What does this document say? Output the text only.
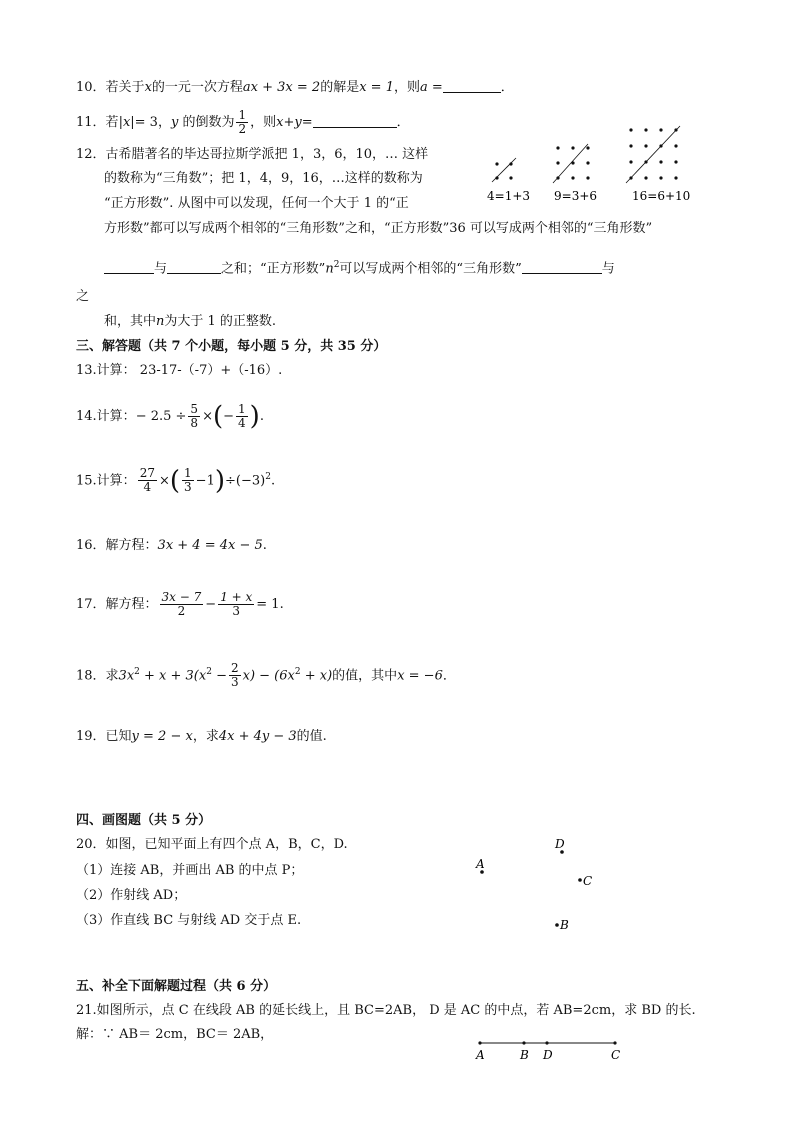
10．若关于x的一元一次方程ax + 3x = 2的解是x = 1，则a =	．
11．若|x|= 3，y 的倒数为 $\frac{1}{2}$ ，则x+y=	．
12．古希腊著名的毕达哥拉斯学派把 1，3，6，10，… 这样
的数称为“三角数”；把 1，4，9，16，…这样的数称为
“正方形数”. 从图中可以发现，任何一个大于 1 的“正
方形数”都可以写成两个相邻的“三角形数”之和，“正方形数”36 可以写成两个相邻的“三角形数”
与	之和；“正方形数$”n^2$可以写成两个相邻的“三角形数”	与
之
和，其中n为大于 1 的正整数.
4=1+3 9=3+6	16=6+10
三、解答题（共 7 个小题，每小题 5 分，共 35 分）
13.计算： 23-17-（-7）+（-16）.
14.计算：− $2.5 \div \frac{5}{8}$ ×(− $\frac{1}{4}$ ).
15.计算： $\frac{27}{4}$ ×( $\frac{1}{3} -1)\div(-3)^2$.
16．解方程：3x + 4 = 4x − 5.
17．解方程： $\frac{3x - 7}{2} - \frac{1 + x}{3} = 1$.
18．求$3x^2 + x + 3(x^2 - \frac{2}{3} x) - (6x^2 + x)$的值，其中x = −6．
19．已知y = 2 − x，求4x + 4y − 3的值.
四、画图题（共 5 分）
20．如图，已知平面上有四个点 A，B，C，D.
（1）连接 AB，并画出 AB 的中点 P；
（2）作射线 AD；
（3）作直线 BC 与射线 AD 交于点 E.
D
A
C
B
五、补全下面解题过程（共 6 分）
21.如图所示，点 C 在线段 AB 的延长线上，且 BC=2AB， D 是 AC 的中点，若 AB=2cm，求 BD 的长.
解：∵ AB＝ 2cm，BC＝ 2AB，
A	B D	C
